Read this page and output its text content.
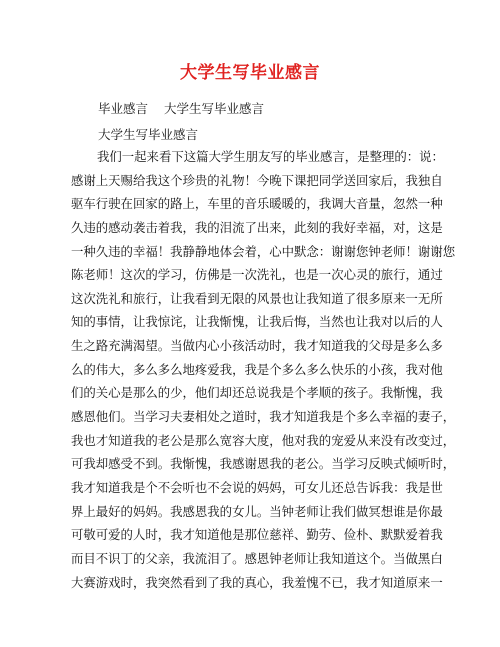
大学生写毕业感言
毕业感言 大学生写毕业感言
大学生写毕业感言
我们一起来看下这篇大学生朋友写的毕业感言，是整理的：说：
感谢上天赐给我这个珍贵的礼物！今晚下课把同学送回家后，我独自
驱车行驶在回家的路上，车里的音乐暖暖的，我调大音量，忽然一种
久违的感动袭击着我，我的泪流了出来，此刻的我好幸福，对，这是
一种久违的幸福！我静静地体会着，心中默念：谢谢您钟老师！谢谢您
陈老师！这次的学习，仿佛是一次洗礼，也是一次心灵的旅行，通过
这次洗礼和旅行，让我看到无限的风景也让我知道了很多原来一无所
知的事情，让我惊诧，让我惭愧，让我后悔，当然也让我对以后的人
生之路充满渴望。当做内心小孩活动时，我才知道我的父母是多么多
么的伟大，多么多么地疼爱我，我是个多么多么快乐的小孩，我对他
们的关心是那么的少，他们却还总说我是个孝顺的孩子。我惭愧，我
感恩他们。当学习夫妻相处之道时，我才知道我是个多么幸福的妻子，
我也才知道我的老公是那么宽容大度，他对我的宠爱从来没有改变过，
可我却感受不到。我惭愧，我感谢恩我的老公。当学习反映式倾听时，
我才知道我是个不会听也不会说的妈妈，可女儿还总告诉我：我是世
界上最好的妈妈。我感恩我的女儿。当钟老师让我们做冥想谁是你最
可敬可爱的人时，我才知道他是那位慈祥、勤劳、俭朴、默默爱着我
而目不识丁的父亲，我流泪了。感恩钟老师让我知道这个。当做黑白
大赛游戏时，我突然看到了我的真心，我羞愧不已，我才知道原来一
